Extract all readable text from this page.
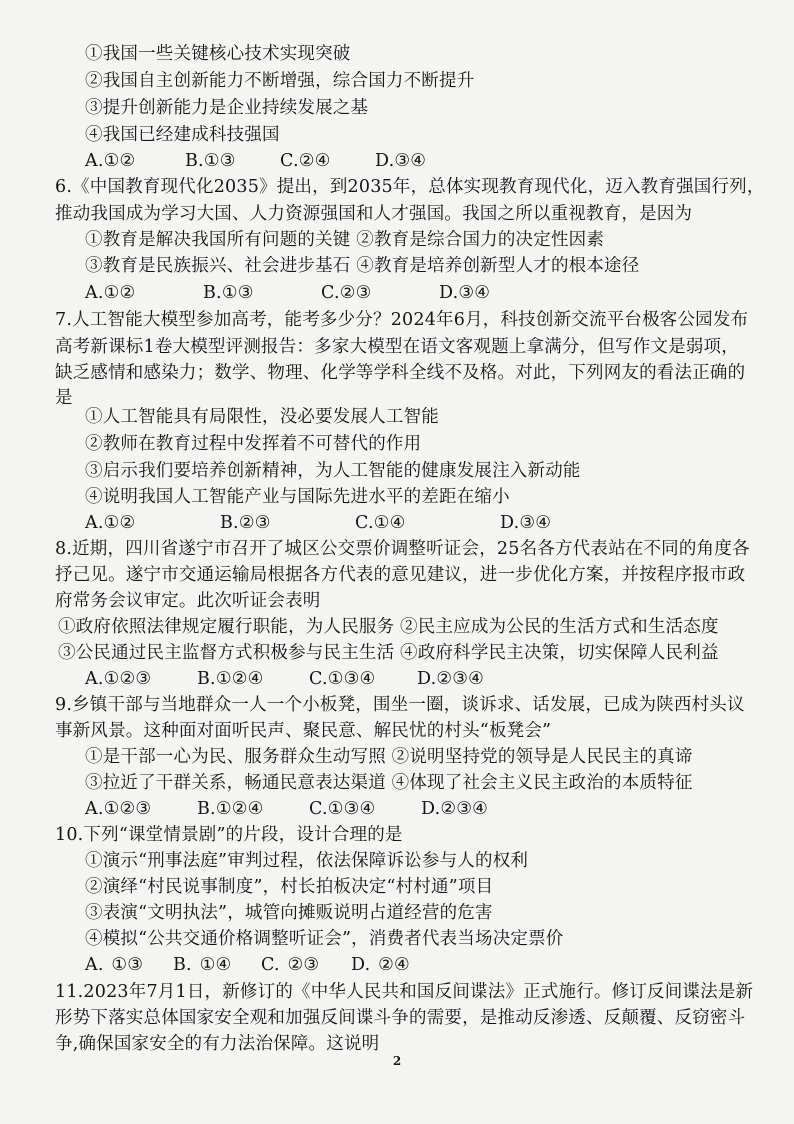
①我国一些关键核心技术实现突破
②我国自主创新能力不断增强，综合国力不断提升
③提升创新能力是企业持续发展之基
④我国已经建成科技强国
A.①②	B.①③	C.②④	D.③④
6.《中国教育现代化2035》提出，到2035年，总体实现教育现代化，迈入教育强国行列，
推动我国成为学习大国、人力资源强国和人才强国。我国之所以重视教育，是因为
①教育是解决我国所有问题的关键 ②教育是综合国力的决定性因素
③教育是民族振兴、社会进步基石 ④教育是培养创新型人才的根本途径
A.①②	B.①③	C.②③	D.③④
7.人工智能大模型参加高考，能考多少分？2024年6月，科技创新交流平台极客公园发布
高考新课标1卷大模型评测报告：多家大模型在语文客观题上拿满分，但写作文是弱项，
缺乏感情和感染力；数学、物理、化学等学科全线不及格。对此，下列网友的看法正确的
是
①人工智能具有局限性，没必要发展人工智能
②教师在教育过程中发挥着不可替代的作用
③启示我们要培养创新精神，为人工智能的健康发展注入新动能
④说明我国人工智能产业与国际先进水平的差距在缩小
A.①②	B.②③	C.①④	D.③④
8.近期，四川省遂宁市召开了城区公交票价调整听证会，25名各方代表站在不同的角度各
抒己见。遂宁市交通运输局根据各方代表的意见建议，进一步优化方案，并按程序报市政
府常务会议审定。此次听证会表明
①政府依照法律规定履行职能，为人民服务 ②民主应成为公民的生活方式和生活态度
③公民通过民主监督方式积极参与民主生活 ④政府科学民主决策，切实保障人民利益
A.①②③	B.①②④	C.①③④ D.②③④
9.乡镇干部与当地群众一人一个小板凳，围坐一圈，谈诉求、话发展，已成为陕西村头议
事新风景。这种面对面听民声、聚民意、解民忧的村头“板凳会”
①是干部一心为民、服务群众生动写照 ②说明坚持党的领导是人民民主的真谛
③拉近了干群关系，畅通民意表达渠道 ④体现了社会主义民主政治的本质特征
A.①②③	B.①②④	C.①③④	D.②③④
10.下列“课堂情景剧”的片段，设计合理的是
①演示“刑事法庭”审判过程，依法保障诉讼参与人的权利
②演绎“村民说事制度”，村长拍板决定“村村通”项目
③表演“文明执法”，城管向摊贩说明占道经营的危害
④模拟“公共交通价格调整听证会”，消费者代表当场决定票价
A. ①③ B. ①④ C. ②③ D. ②④
11.2023年7月1日，新修订的《中华人民共和国反间谍法》正式施行。修订反间谍法是新
形势下落实总体国家安全观和加强反间谍斗争的需要，是推动反渗透、反颠覆、反窃密斗
争,确保国家安全的有力法治保障。这说明
2
